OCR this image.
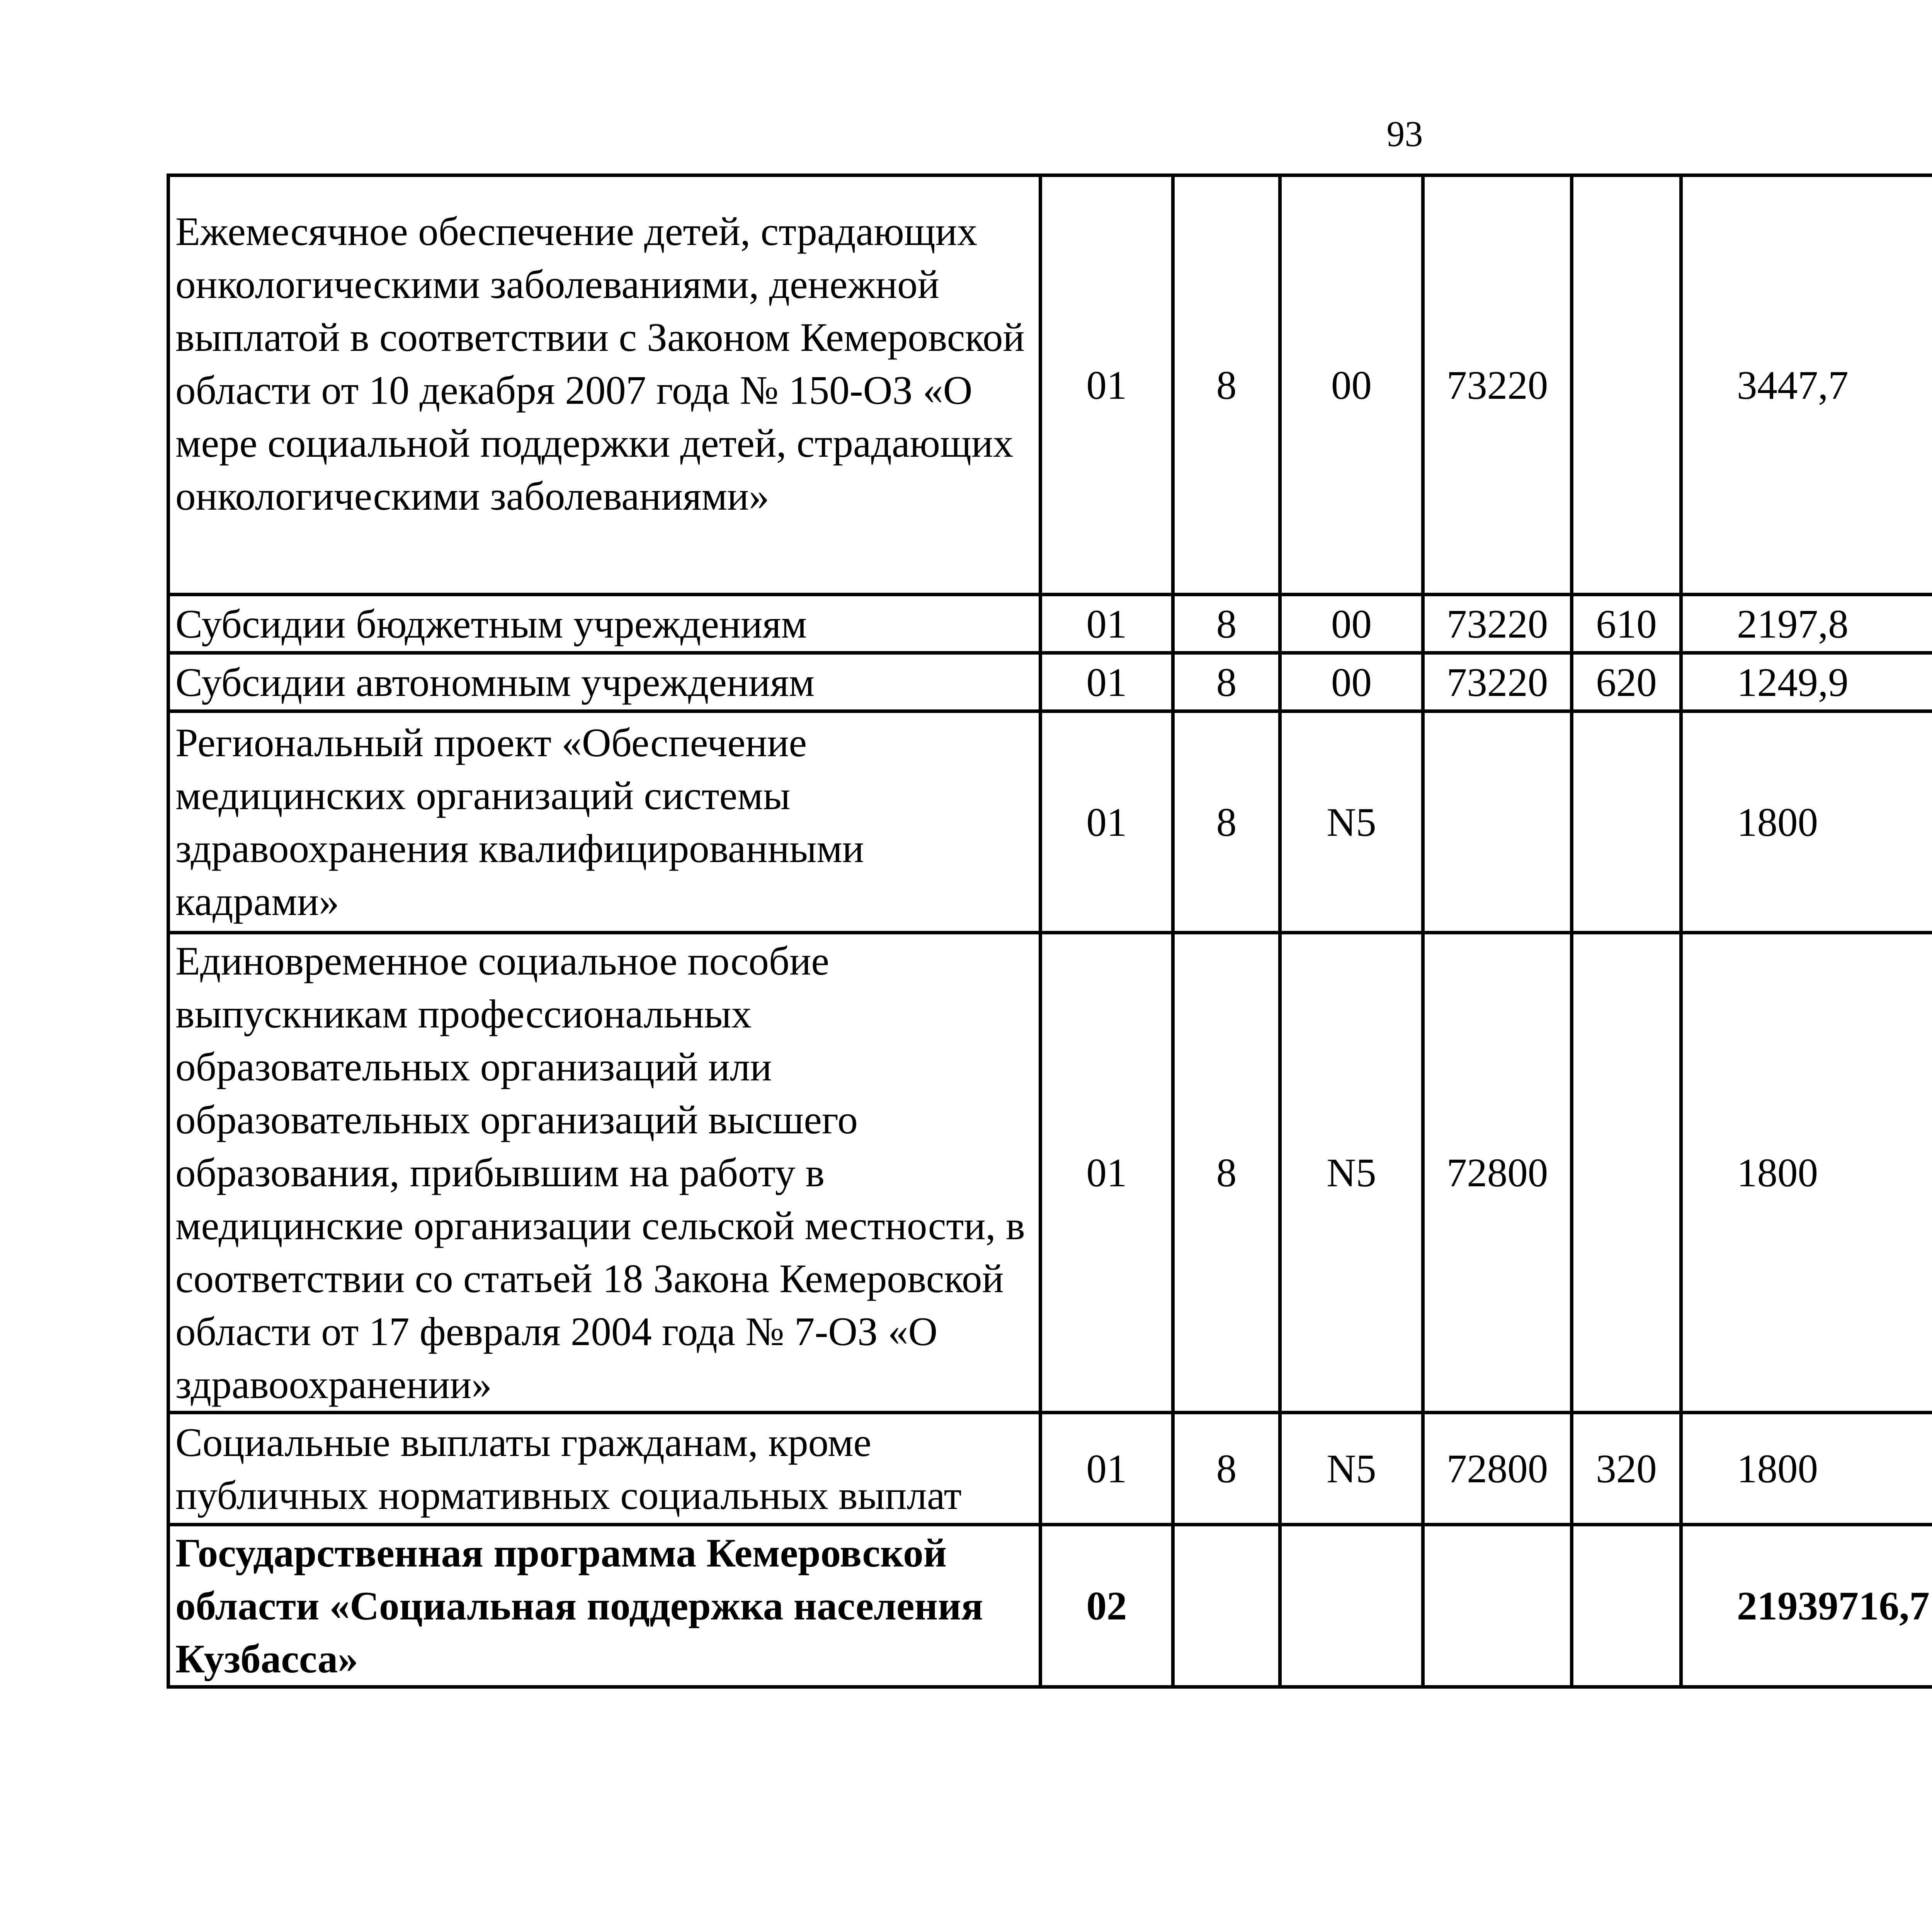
93
Ежемесячное обеспечение детей, страдающих онкологическими заболеваниями, денежной выплатой в соответствии с Законом Кемеровской области от 10 декабря 2007 года № 150-ОЗ «О мере социальной поддержки детей, страдающих онкологическими заболеваниями»	01	8	00	73220		3447,7		
Субсидии бюджетным учреждениям	01	8	00	73220	610	2197,8		
Субсидии автономным учреждениям	01	8	00	73220	620	1249,9		
Региональный проект «Обеспечение медицинских организаций системы здравоохранения квалифицированными кадрами»	01	8	N5			1800		
Единовременное социальное пособие выпускникам профессиональных образовательных организаций или образовательных организаций высшего образования, прибывшим на работу в медицинские организации сельской местности, в соответствии со статьей 18 Закона Кемеровской области от 17 февраля 2004 года № 7-ОЗ «О здравоохранении»	01	8	N5	72800		1800		
Социальные выплаты гражданам, кроме публичных нормативных социальных выплат	01	8	N5	72800	320	1800		
Государственная программа Кемеровской области «Социальная поддержка населения Кузбасса»	02					21939716,7		
